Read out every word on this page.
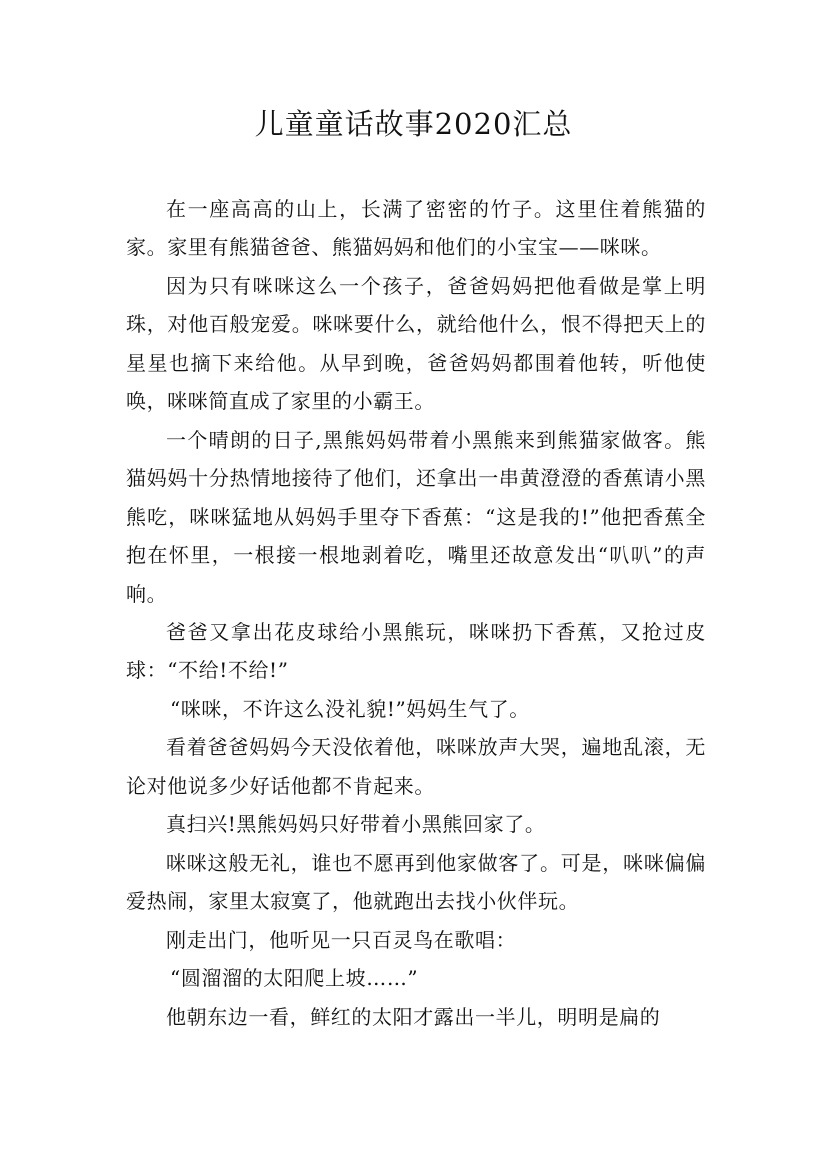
儿童童话故事2020汇总

在一座高高的山上，长满了密密的竹子。这里住着熊猫的家。家里有熊猫爸爸、熊猫妈妈和他们的小宝宝——咪咪。

因为只有咪咪这么一个孩子，爸爸妈妈把他看做是掌上明珠，对他百般宠爱。咪咪要什么，就给他什么，恨不得把天上的星星也摘下来给他。从早到晚，爸爸妈妈都围着他转，听他使唤，咪咪简直成了家里的小霸王。

一个晴朗的日子,黑熊妈妈带着小黑熊来到熊猫家做客。熊猫妈妈十分热情地接待了他们，还拿出一串黄澄澄的香蕉请小黑熊吃，咪咪猛地从妈妈手里夺下香蕉：“这是我的!”他把香蕉全抱在怀里，一根接一根地剥着吃，嘴里还故意发出“叭叭”的声响。

爸爸又拿出花皮球给小黑熊玩，咪咪扔下香蕉，又抢过皮球：“不给!不给!”

“咪咪，不许这么没礼貌!”妈妈生气了。

看着爸爸妈妈今天没依着他，咪咪放声大哭，遍地乱滚，无论对他说多少好话他都不肯起来。

真扫兴!黑熊妈妈只好带着小黑熊回家了。

咪咪这般无礼，谁也不愿再到他家做客了。可是，咪咪偏偏爱热闹，家里太寂寞了，他就跑出去找小伙伴玩。

刚走出门，他听见一只百灵鸟在歌唱：

“圆溜溜的太阳爬上坡……”

他朝东边一看，鲜红的太阳才露出一半儿，明明是扁的
